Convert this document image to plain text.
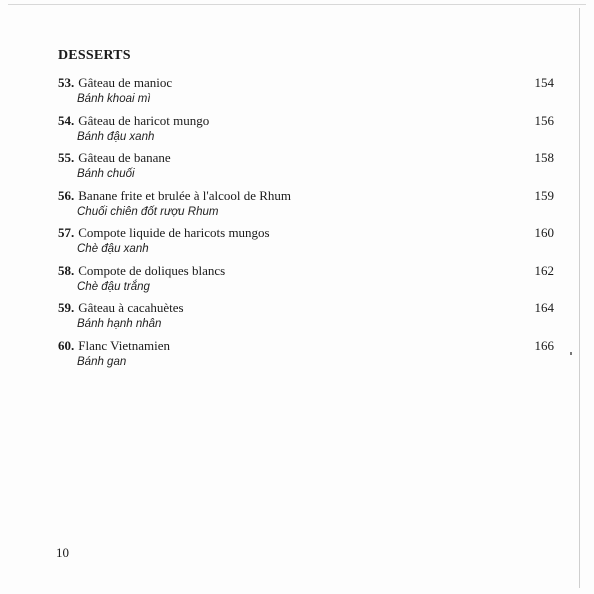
DESSERTS
53. Gâteau de manioc
Bánh khoai mì
154
54. Gâteau de haricot mungo
Bánh đậu xanh
156
55. Gâteau de banane
Bánh chuối
158
56. Banane frite et brulée à l'alcool de Rhum
Chuối chiên đốt rượu Rhum
159
57. Compote liquide de haricots mungos
Chè đậu xanh
160
58. Compote de doliques blancs
Chè đậu trắng
162
59. Gâteau à cacahuètes
Bánh hạnh nhân
164
60. Flanc Vietnamien
Bánh gan
166
10
